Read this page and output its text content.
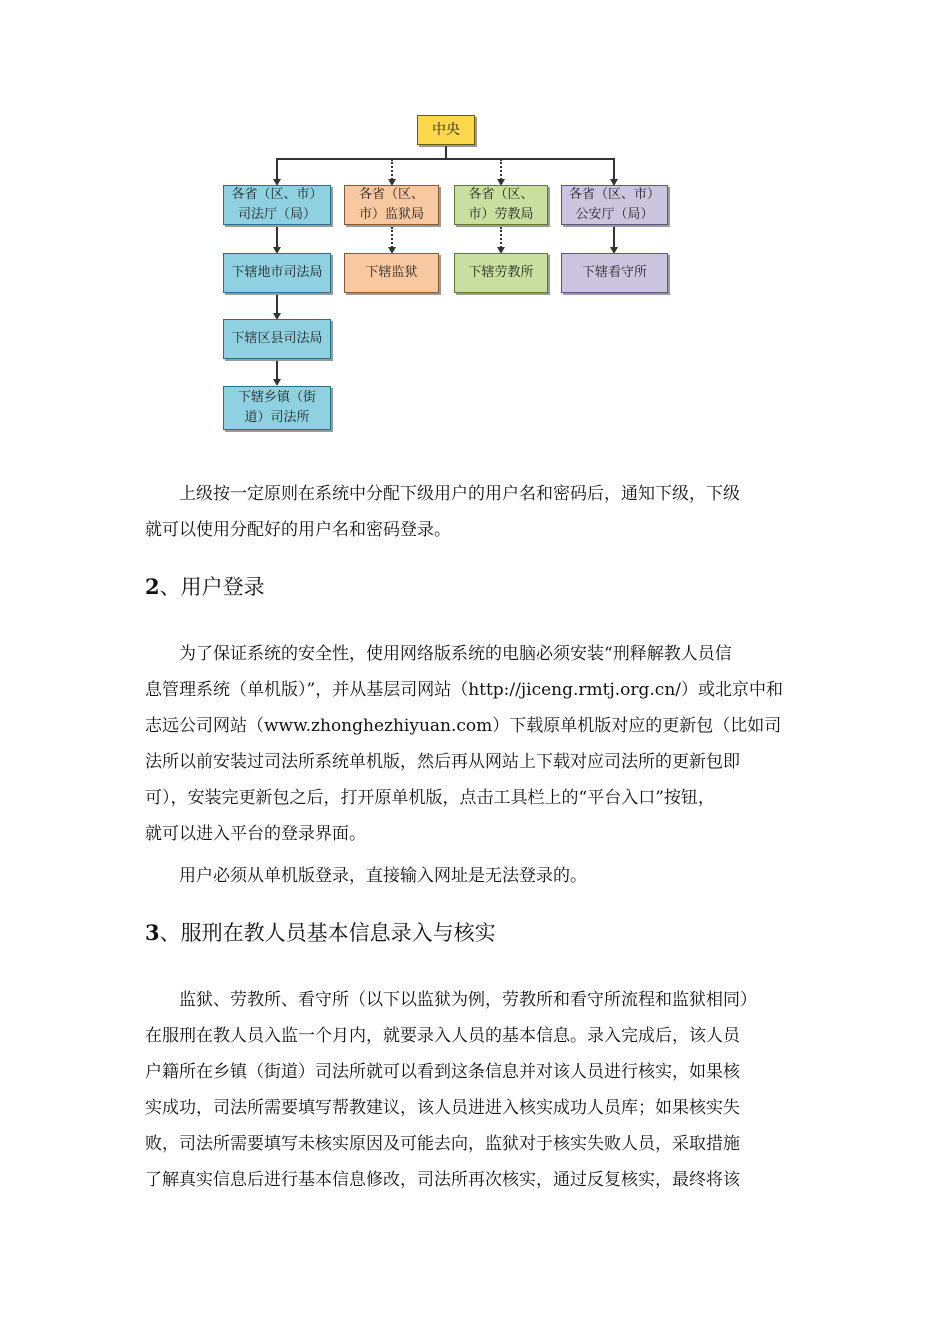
中央
各省（区、市）
司法厅（局）
各省（区、
市）监狱局
各省（区、
市）劳教局
各省（区、市）
公安厅（局）
下辖地市司法局	下辖监狱	下辖劳教所	下辖看守所
下辖区县司法局
下辖乡镇（街
道）司法所
上级按一定原则在系统中分配下级用户的用户名和密码后，通知下级，下级
就可以使用分配好的用户名和密码登录。
2、用户登录
为了保证系统的安全性，使用网络版系统的电脑必须安装“刑释解教人员信
息管理系统（单机版）”，并从基层司网站（http://jiceng.rmtj.org.cn/）或北京中和
志远公司网站（www.zhonghezhiyuan.com）下载原单机版对应的更新包（比如司
法所以前安装过司法所系统单机版，然后再从网站上下载对应司法所的更新包即
可），安装完更新包之后，打开原单机版，点击工具栏上的“平台入口”按钮，
就可以进入平台的登录界面。
用户必须从单机版登录，直接输入网址是无法登录的。
3、服刑在教人员基本信息录入与核实
监狱、劳教所、看守所（以下以监狱为例，劳教所和看守所流程和监狱相同）
在服刑在教人员入监一个月内，就要录入人员的基本信息。录入完成后，该人员
户籍所在乡镇（街道）司法所就可以看到这条信息并对该人员进行核实，如果核
实成功，司法所需要填写帮教建议，该人员进进入核实成功人员库；如果核实失
败，司法所需要填写未核实原因及可能去向，监狱对于核实失败人员，采取措施
了解真实信息后进行基本信息修改，司法所再次核实，通过反复核实，最终将该
